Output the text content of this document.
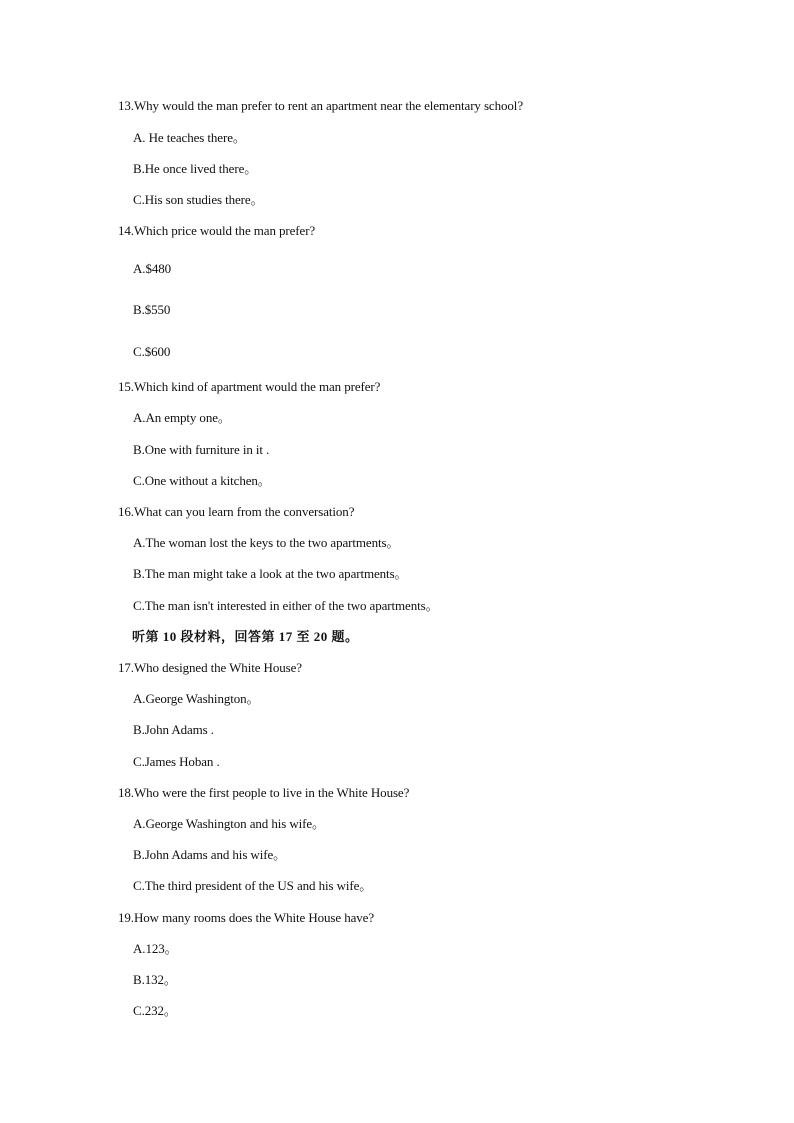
13.Why would the man prefer to rent an apartment near the elementary school?
A. He teaches there。
B.He once lived there。
C.His son studies there。
14.Which price would the man prefer?
A.$480
B.$550
C.$600
15.Which kind of apartment would the man prefer?
A.An empty one。
B.One with furniture in it .
C.One without a kitchen。
16.What can you learn from the conversation?
A.The woman lost the keys to the two apartments。
B.The man might take a look at the two apartments。
C.The man isn't interested in either of the two apartments。
听第 10 段材料，回答第 17 至 20 题。
17.Who designed the White House?
A.George Washington。
B.John Adams .
C.James Hoban .
18.Who were the first people to live in the White House?
A.George Washington and his wife。
B.John Adams and his wife。
C.The third president of the US and his wife。
19.How many rooms does the White House have?
A.123。
B.132。
C.232。
